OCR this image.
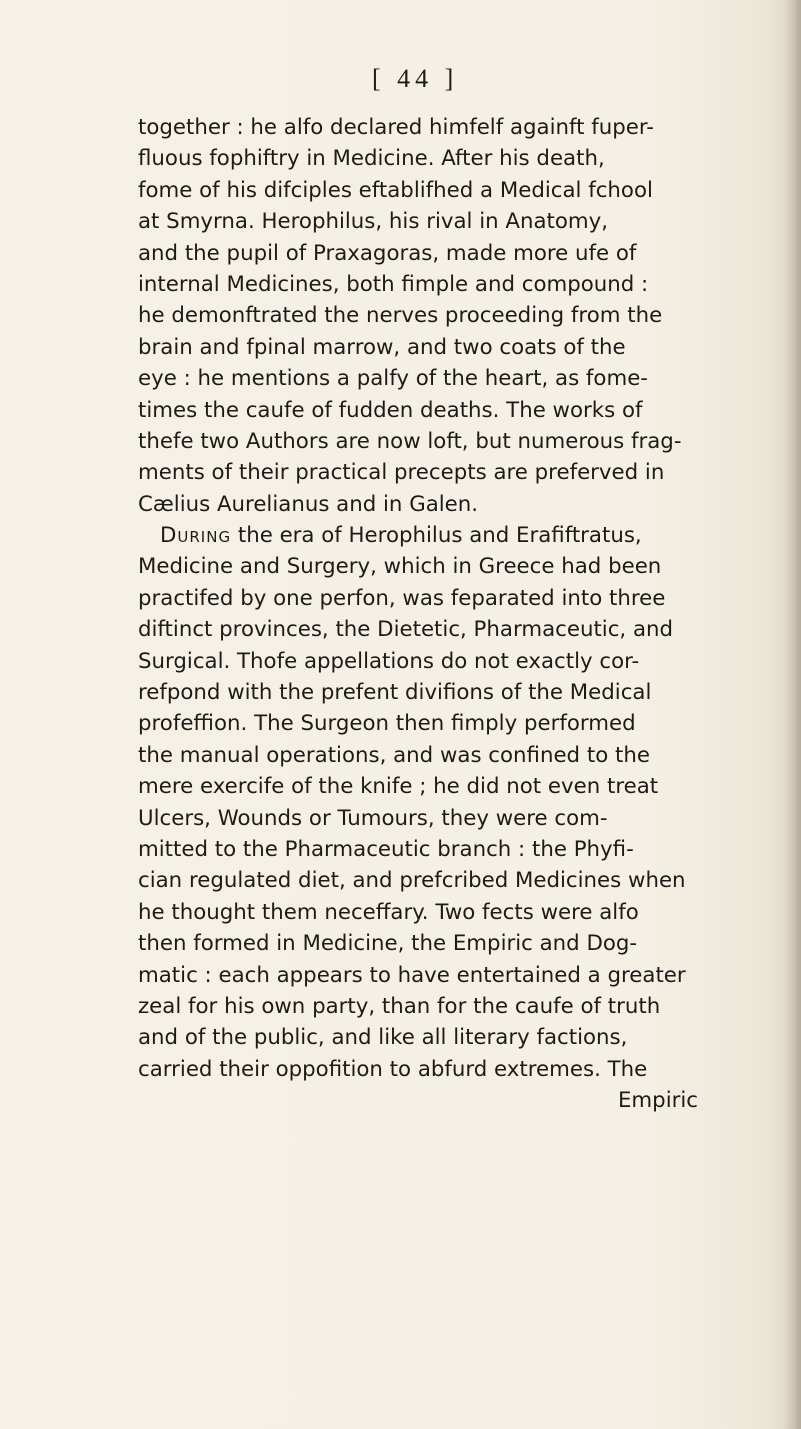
[ 44 ]
together : he alfo declared himfelf againft fuper-
fluous fophiftry in Medicine. After his death,
fome of his difciples eftablifhed a Medical fchool
at Smyrna. Herophilus, his rival in Anatomy,
and the pupil of Praxagoras, made more ufe of
internal Medicines, both fimple and compound :
he demonftrated the nerves proceeding from the
brain and fpinal marrow, and two coats of the
eye : he mentions a palfy of the heart, as fome-
times the caufe of fudden deaths. The works of
thefe two Authors are now loft, but numerous frag-
ments of their practical precepts are preferved in
Cælius Aurelianus and in Galen.
During the era of Herophilus and Erafiftratus,
Medicine and Surgery, which in Greece had been
practifed by one perfon, was feparated into three
diftinct provinces, the Dietetic, Pharmaceutic, and
Surgical. Thofe appellations do not exactly cor-
refpond with the prefent divifions of the Medical
profeffion. The Surgeon then fimply performed
the manual operations, and was confined to the
mere exercife of the knife ; he did not even treat
Ulcers, Wounds or Tumours, they were com-
mitted to the Pharmaceutic branch : the Phyfi-
cian regulated diet, and prefcribed Medicines when
he thought them neceffary. Two fects were alfo
then formed in Medicine, the Empiric and Dog-
matic : each appears to have entertained a greater
zeal for his own party, than for the caufe of truth
and of the public, and like all literary factions,
carried their oppofition to abfurd extremes. The
Empiric
